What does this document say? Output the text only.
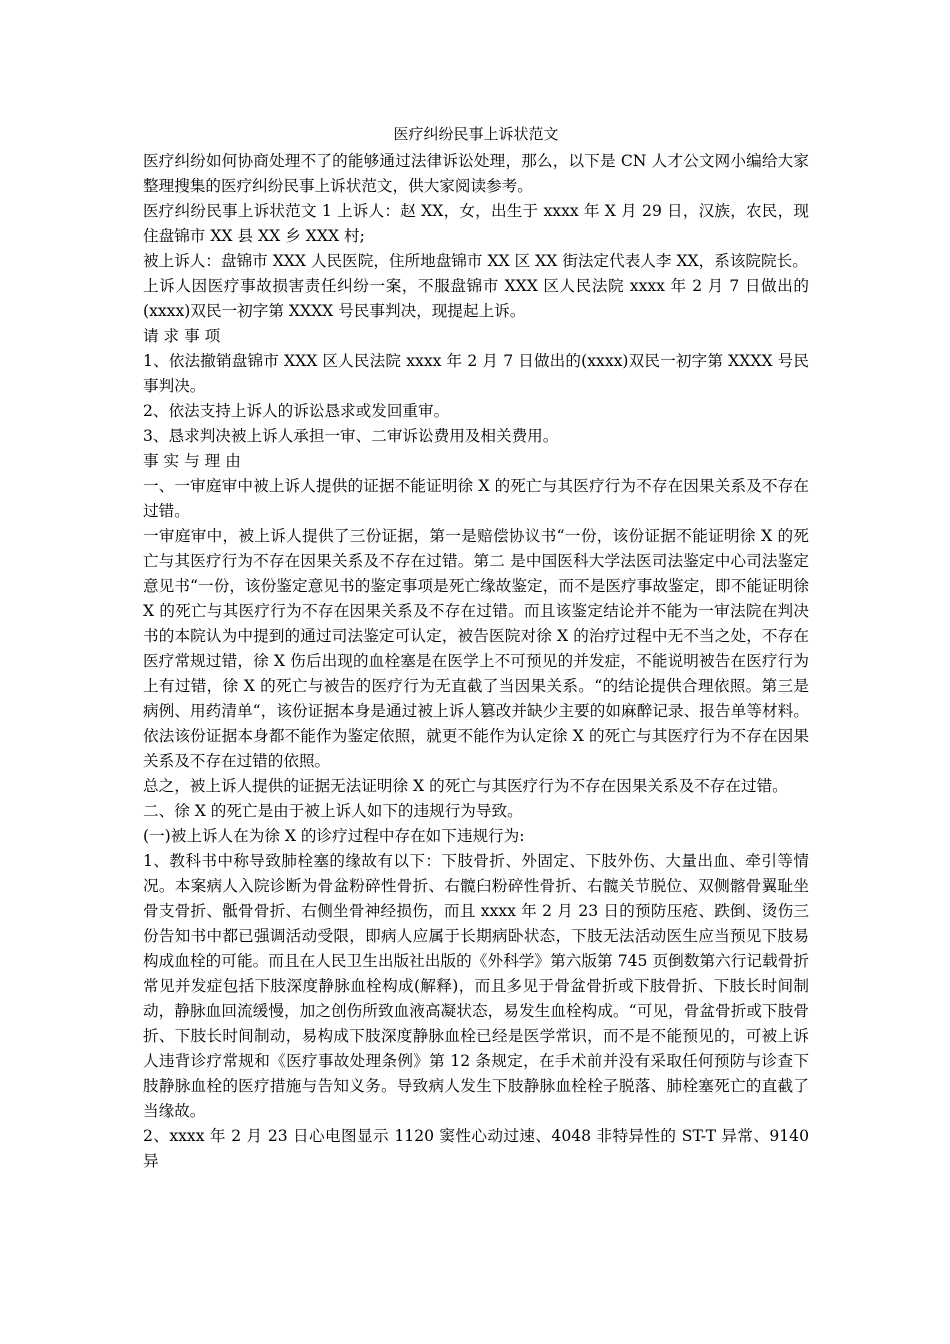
医疗纠纷民事上诉状范文

医疗纠纷如何协商处理不了的能够通过法律诉讼处理，那么，以下是 CN 人才公文网小编给大家整理搜集的医疗纠纷民事上诉状范文，供大家阅读参考。

医疗纠纷民事上诉状范文 1 上诉人：赵 XX，女，出生于 xxxx 年 X 月 29 日，汉族，农民，现住盘锦市 XX 县 XX 乡 XXX 村;

被上诉人：盘锦市 XXX 人民医院，住所地盘锦市 XX 区 XX 街法定代表人李 XX，系该院院长。

上诉人因医疗事故损害责任纠纷一案，不服盘锦市 XXX 区人民法院 xxxx 年 2 月 7 日做出的(xxxx)双民一初字第 XXXX 号民事判决，现提起上诉。

请 求 事 项

1、依法撤销盘锦市 XXX 区人民法院 xxxx 年 2 月 7 日做出的(xxxx)双民一初字第 XXXX 号民事判决。

2、依法支持上诉人的诉讼恳求或发回重审。

3、恳求判决被上诉人承担一审、二审诉讼费用及相关费用。

事 实 与 理 由

一、一审庭审中被上诉人提供的证据不能证明徐 X 的死亡与其医疗行为不存在因果关系及不存在过错。

一审庭审中，被上诉人提供了三份证据，第一是赔偿协议书“一份，该份证据不能证明徐 X 的死亡与其医疗行为不存在因果关系及不存在过错。第二 是中国医科大学法医司法鉴定中心司法鉴定意见书“一份，该份鉴定意见书的鉴定事项是死亡缘故鉴定，而不是医疗事故鉴定，即不能证明徐 X 的死亡与其医疗行为不存在因果关系及不存在过错。而且该鉴定结论并不能为一审法院在判决书的本院认为中提到的通过司法鉴定可认定，被告医院对徐 X 的治疗过程中无不当之处，不存在医疗常规过错，徐 X 伤后出现的血栓塞是在医学上不可预见的并发症，不能说明被告在医疗行为上有过错，徐 X 的死亡与被告的医疗行为无直截了当因果关系。“的结论提供合理依照。第三是病例、用药清单“，该份证据本身是通过被上诉人篡改并缺少主要的如麻醉记录、报告单等材料。依法该份证据本身都不能作为鉴定依照，就更不能作为认定徐 X 的死亡与其医疗行为不存在因果关系及不存在过错的依照。

总之，被上诉人提供的证据无法证明徐 X 的死亡与其医疗行为不存在因果关系及不存在过错。

二、徐 X 的死亡是由于被上诉人如下的违规行为导致。

(一)被上诉人在为徐 X 的诊疗过程中存在如下违规行为:

1、教科书中称导致肺栓塞的缘故有以下：下肢骨折、外固定、下肢外伤、大量出血、牵引等情况。本案病人入院诊断为骨盆粉碎性骨折、右髋臼粉碎性骨折、右髋关节脱位、双侧髂骨翼耻坐骨支骨折、骶骨骨折、右侧坐骨神经损伤，而且 xxxx 年 2 月 23 日的预防压疮、跌倒、烫伤三份告知书中都已强调活动受限，即病人应属于长期病卧状态，下肢无法活动医生应当预见下肢易构成血栓的可能。而且在人民卫生出版社出版的《外科学》第六版第 745 页倒数第六行记载骨折常见并发症包括下肢深度静脉血栓构成(解释)，而且多见于骨盆骨折或下肢骨折、下肢长时间制动，静脉血回流缓慢，加之创伤所致血液高凝状态，易发生血栓构成。“可见，骨盆骨折或下肢骨折、下肢长时间制动，易构成下肢深度静脉血栓已经是医学常识，而不是不能预见的，可被上诉人违背诊疗常规和《医疗事故处理条例》第 12 条规定，在手术前并没有采取任何预防与诊查下肢静脉血栓的医疗措施与告知义务。导致病人发生下肢静脉血栓栓子脱落、肺栓塞死亡的直截了当缘故。

2、xxxx 年 2 月 23 日心电图显示 1120 窦性心动过速、4048 非特异性的 ST-T 异常、9140 异
